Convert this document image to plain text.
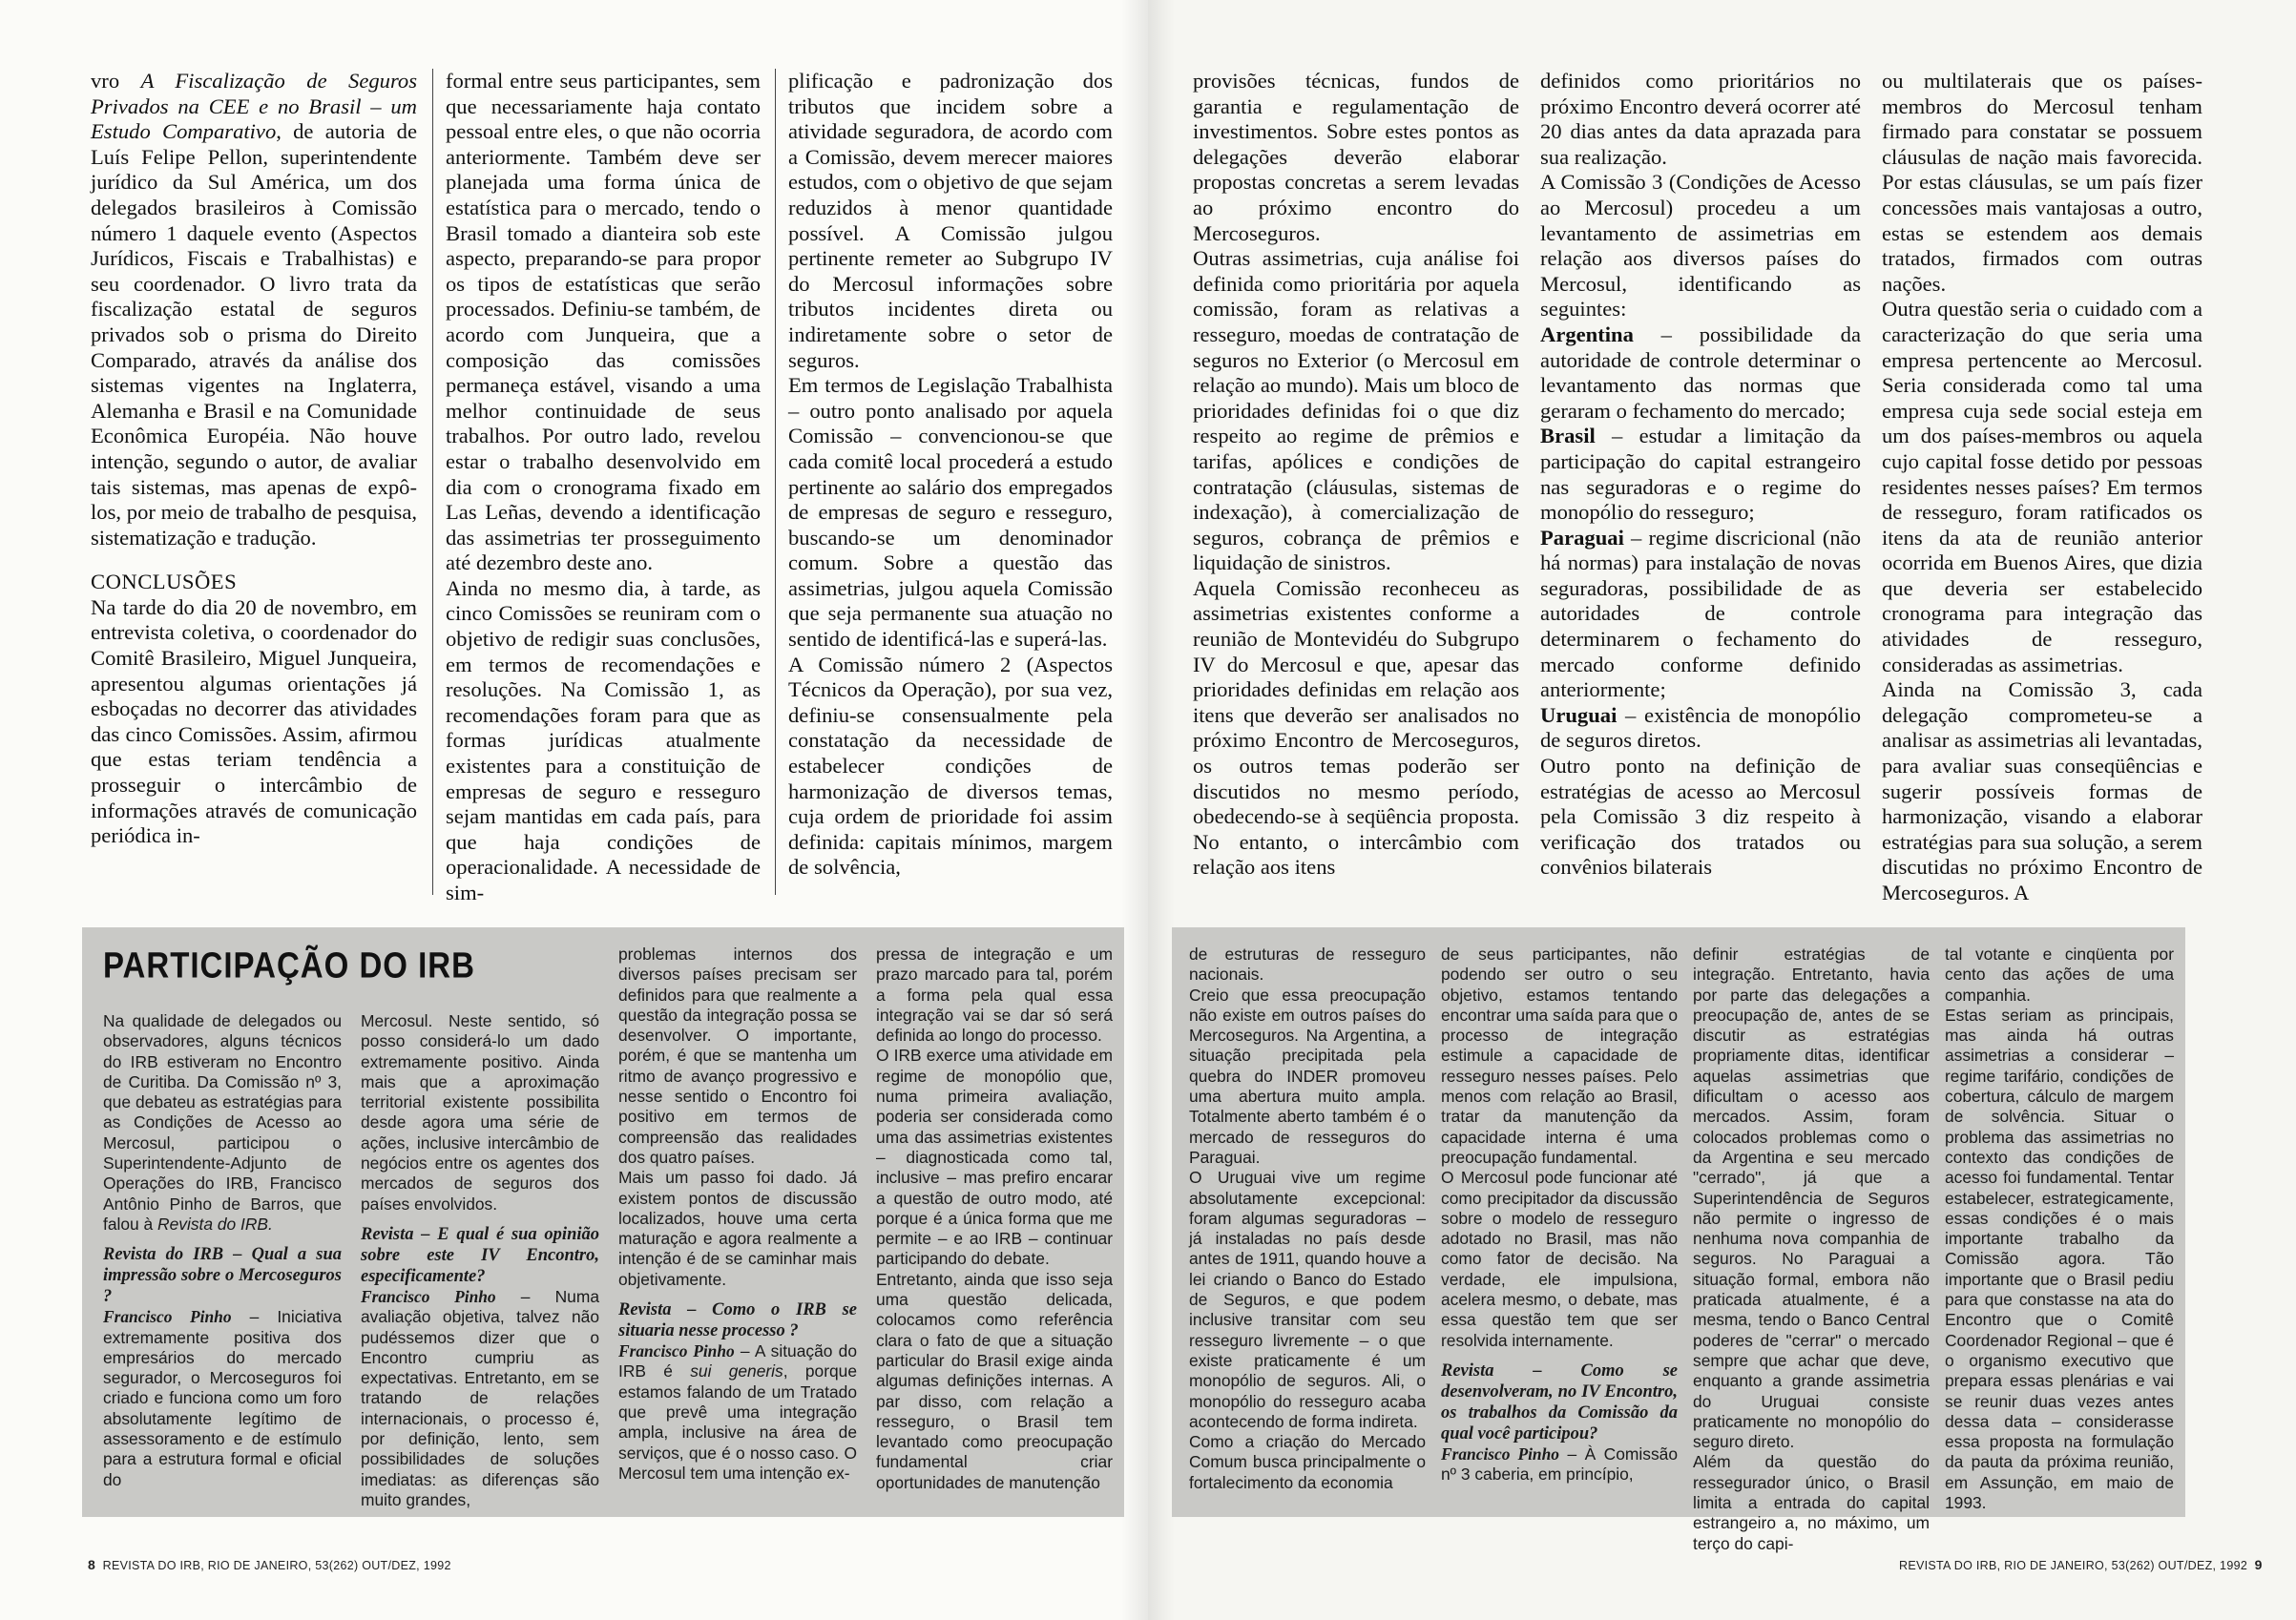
vro A Fiscalização de Seguros Privados na CEE e no Brasil – um Estudo Comparativo, de autoria de Luís Felipe Pellon, superintendente jurídico da Sul América, um dos delegados brasileiros à Comissão número 1 daquele evento (Aspectos Jurídicos, Fiscais e Trabalhistas) e seu coordenador. O livro trata da fiscalização estatal de seguros privados sob o prisma do Direito Comparado, através da análise dos sistemas vigentes na Inglaterra, Alemanha e Brasil e na Comunidade Econômica Européia. Não houve intenção, segundo o autor, de avaliar tais sistemas, mas apenas de expô-los, por meio de trabalho de pesquisa, sistematização e tradução.

CONCLUSÕES

Na tarde do dia 20 de novembro, em entrevista coletiva, o coordenador do Comitê Brasileiro, Miguel Junqueira, apresentou algumas orientações já esboçadas no decorrer das atividades das cinco Comissões. Assim, afirmou que estas teriam tendência a prosseguir o intercâmbio de informações através de comunicação periódica in-

formal entre seus participantes, sem que necessariamente haja contato pessoal entre eles, o que não ocorria anteriormente. Também deve ser planejada uma forma única de estatística para o mercado, tendo o Brasil tomado a dianteira sob este aspecto, preparando-se para propor os tipos de estatísticas que serão processados. Definiu-se também, de acordo com Junqueira, que a composição das comissões permaneça estável, visando a uma melhor continuidade de seus trabalhos. Por outro lado, revelou estar o trabalho desenvolvido em dia com o cronograma fixado em Las Leñas, devendo a identificação das assimetrias ter prosseguimento até dezembro deste ano.

Ainda no mesmo dia, à tarde, as cinco Comissões se reuniram com o objetivo de redigir suas conclusões, em termos de recomendações e resoluções. Na Comissão 1, as recomendações foram para que as formas jurídicas atualmente existentes para a constituição de empresas de seguro e resseguro sejam mantidas em cada país, para que haja condições de operacionalidade. A necessidade de sim-

plificação e padronização dos tributos que incidem sobre a atividade seguradora, de acordo com a Comissão, devem merecer maiores estudos, com o objetivo de que sejam reduzidos à menor quantidade possível. A Comissão julgou pertinente remeter ao Subgrupo IV do Mercosul informações sobre tributos incidentes direta ou indiretamente sobre o setor de seguros.

Em termos de Legislação Trabalhista – outro ponto analisado por aquela Comissão – convencionou-se que cada comitê local procederá a estudo pertinente ao salário dos empregados de empresas de seguro e resseguro, buscando-se um denominador comum. Sobre a questão das assimetrias, julgou aquela Comissão que seja permanente sua atuação no sentido de identificá-las e superá-las.

A Comissão número 2 (Aspectos Técnicos da Operação), por sua vez, definiu-se consensualmente pela constatação da necessidade de estabelecer condições de harmonização de diversos temas, cuja ordem de prioridade foi assim definida: capitais mínimos, margem de solvência,

PARTICIPAÇÃO DO IRB

Na qualidade de delegados ou observadores, alguns técnicos do IRB estiveram no Encontro de Curitiba. Da Comissão nº 3, que debateu as estratégias para as Condições de Acesso ao Mercosul, participou o Superintendente-Adjunto de Operações do IRB, Francisco Antônio Pinho de Barros, que falou à Revista do IRB.

Revista do IRB – Qual a sua impressão sobre o Mercoseguros ?

Francisco Pinho – Iniciativa extremamente positiva dos empresários do mercado segurador, o Mercoseguros foi criado e funciona como um foro absolutamente legítimo de assessoramento e de estímulo para a estrutura formal e oficial do

Mercosul. Neste sentido, só posso considerá-lo um dado extremamente positivo. Ainda mais que a aproximação territorial existente possibilita desde agora uma série de ações, inclusive intercâmbio de negócios entre os agentes dos mercados de seguros dos países envolvidos.

Revista – E qual é sua opinião sobre este IV Encontro, especificamente?

Francisco Pinho – Numa avaliação objetiva, talvez não pudéssemos dizer que o Encontro cumpriu as expectativas. Entretanto, em se tratando de relações internacionais, o processo é, por definição, lento, sem possibilidades de soluções imediatas: as diferenças são muito grandes,

problemas internos dos diversos países precisam ser definidos para que realmente a questão da integração possa se desenvolver. O importante, porém, é que se mantenha um ritmo de avanço progressivo e nesse sentido o Encontro foi positivo em termos de compreensão das realidades dos quatro países.

Mais um passo foi dado. Já existem pontos de discussão localizados, houve uma certa maturação e agora realmente a intenção é de se caminhar mais objetivamente.

Revista – Como o IRB se situaria nesse processo ?

Francisco Pinho – A situação do IRB é sui generis, porque estamos falando de um Tratado que prevê uma integração ampla, inclusive na área de serviços, que é o nosso caso. O Mercosul tem uma intenção ex-

pressa de integração e um prazo marcado para tal, porém a forma pela qual essa integração vai se dar só será definida ao longo do processo.

O IRB exerce uma atividade em regime de monopólio que, numa primeira avaliação, poderia ser considerada como uma das assimetrias existentes – diagnosticada como tal, inclusive – mas prefiro encarar a questão de outro modo, até porque é a única forma que me permite – e ao IRB – continuar participando do debate.

Entretanto, ainda que isso seja uma questão delicada, colocamos como referência clara o fato de que a situação particular do Brasil exige ainda algumas definições internas. A par disso, com relação a resseguro, o Brasil tem levantado como preocupação fundamental criar oportunidades de manutenção

8 REVISTA DO IRB, RIO DE JANEIRO, 53(262) OUT/DEZ, 1992

provisões técnicas, fundos de garantia e regulamentação de investimentos. Sobre estes pontos as delegações deverão elaborar propostas concretas a serem levadas ao próximo encontro do Mercoseguros.

Outras assimetrias, cuja análise foi definida como prioritária por aquela comissão, foram as relativas a resseguro, moedas de contratação de seguros no Exterior (o Mercosul em relação ao mundo). Mais um bloco de prioridades definidas foi o que diz respeito ao regime de prêmios e tarifas, apólices e condições de contratação (cláusulas, sistemas de indexação), à comercialização de seguros, cobrança de prêmios e liquidação de sinistros.

Aquela Comissão reconheceu as assimetrias existentes conforme a reunião de Montevidéu do Subgrupo IV do Mercosul e que, apesar das prioridades definidas em relação aos itens que deverão ser analisados no próximo Encontro de Mercoseguros, os outros temas poderão ser discutidos no mesmo período, obedecendo-se à seqüência proposta. No entanto, o intercâmbio com relação aos itens

definidos como prioritários no próximo Encontro deverá ocorrer até 20 dias antes da data aprazada para sua realização.

A Comissão 3 (Condições de Acesso ao Mercosul) procedeu a um levantamento de assimetrias em relação aos diversos países do Mercosul, identificando as seguintes:

Argentina – possibilidade da autoridade de controle determinar o levantamento das normas que geraram o fechamento do mercado;

Brasil – estudar a limitação da participação do capital estrangeiro nas seguradoras e o regime do monopólio do resseguro;

Paraguai – regime discricional (não há normas) para instalação de novas seguradoras, possibilidade de as autoridades de controle determinarem o fechamento do mercado conforme definido anteriormente;

Uruguai – existência de monopólio de seguros diretos.

Outro ponto na definição de estratégias de acesso ao Mercosul pela Comissão 3 diz respeito à verificação dos tratados ou convênios bilaterais

ou multilaterais que os países-membros do Mercosul tenham firmado para constatar se possuem cláusulas de nação mais favorecida. Por estas cláusulas, se um país fizer concessões mais vantajosas a outro, estas se estendem aos demais tratados, firmados com outras nações.

Outra questão seria o cuidado com a caracterização do que seria uma empresa pertencente ao Mercosul. Seria considerada como tal uma empresa cuja sede social esteja em um dos países-membros ou aquela cujo capital fosse detido por pessoas residentes nesses países? Em termos de resseguro, foram ratificados os itens da ata de reunião anterior ocorrida em Buenos Aires, que dizia que deveria ser estabelecido cronograma para integração das atividades de resseguro, consideradas as assimetrias.

Ainda na Comissão 3, cada delegação comprometeu-se a analisar as assimetrias ali levantadas, para avaliar suas conseqüências e sugerir possíveis formas de harmonização, visando a elaborar estratégias para sua solução, a serem discutidas no próximo Encontro de Mercoseguros. A

de estruturas de resseguro nacionais.

Creio que essa preocupação não existe em outros países do Mercoseguros. Na Argentina, a situação precipitada pela quebra do INDER promoveu uma abertura muito ampla. Totalmente aberto também é o mercado de resseguros do Paraguai.

O Uruguai vive um regime absolutamente excepcional: foram algumas seguradoras – já instaladas no país desde antes de 1911, quando houve a lei criando o Banco do Estado de Seguros, e que podem inclusive transitar com seu resseguro livremente – o que existe praticamente é um monopólio de seguros. Ali, o monopólio do resseguro acaba acontecendo de forma indireta.

Como a criação do Mercado Comum busca principalmente o fortalecimento da economia

de seus participantes, não podendo ser outro o seu objetivo, estamos tentando encontrar uma saída para que o processo de integração estimule a capacidade de resseguro nesses países. Pelo menos com relação ao Brasil, tratar da manutenção da capacidade interna é uma preocupação fundamental.

O Mercosul pode funcionar até como precipitador da discussão sobre o modelo de resseguro adotado no Brasil, mas não como fator de decisão. Na verdade, ele impulsiona, acelera mesmo, o debate, mas essa questão tem que ser resolvida internamente.

Revista – Como se desenvolveram, no IV Encontro, os trabalhos da Comissão da qual você participou?

Francisco Pinho – À Comissão nº 3 caberia, em princípio,

definir estratégias de integração. Entretanto, havia por parte das delegações a preocupação de, antes de se discutir as estratégias propriamente ditas, identificar aquelas assimetrias que dificultam o acesso aos mercados. Assim, foram colocados problemas como o da Argentina e seu mercado "cerrado", já que a Superintendência de Seguros não permite o ingresso de nenhuma nova companhia de seguros. No Paraguai a situação formal, embora não praticada atualmente, é a mesma, tendo o Banco Central poderes de "cerrar" o mercado sempre que achar que deve, enquanto a grande assimetria do Uruguai consiste praticamente no monopólio do seguro direto.

Além da questão do ressegurador único, o Brasil limita a entrada do capital estrangeiro a, no máximo, um terço do capi-

tal votante e cinqüenta por cento das ações de uma companhia.

Estas seriam as principais, mas ainda há outras assimetrias a considerar – regime tarifário, condições de cobertura, cálculo de margem de solvência. Situar o problema das assimetrias no contexto das condições de acesso foi fundamental. Tentar estabelecer, estrategicamente, essas condições é o mais importante trabalho da Comissão agora. Tão importante que o Brasil pediu para que constasse na ata do Encontro que o Comitê Coordenador Regional – que é o organismo executivo que prepara essas plenárias e vai se reunir duas vezes antes dessa data – considerasse essa proposta na formulação da pauta da próxima reunião, em Assunção, em maio de 1993.

REVISTA DO IRB, RIO DE JANEIRO, 53(262) OUT/DEZ, 1992 9
